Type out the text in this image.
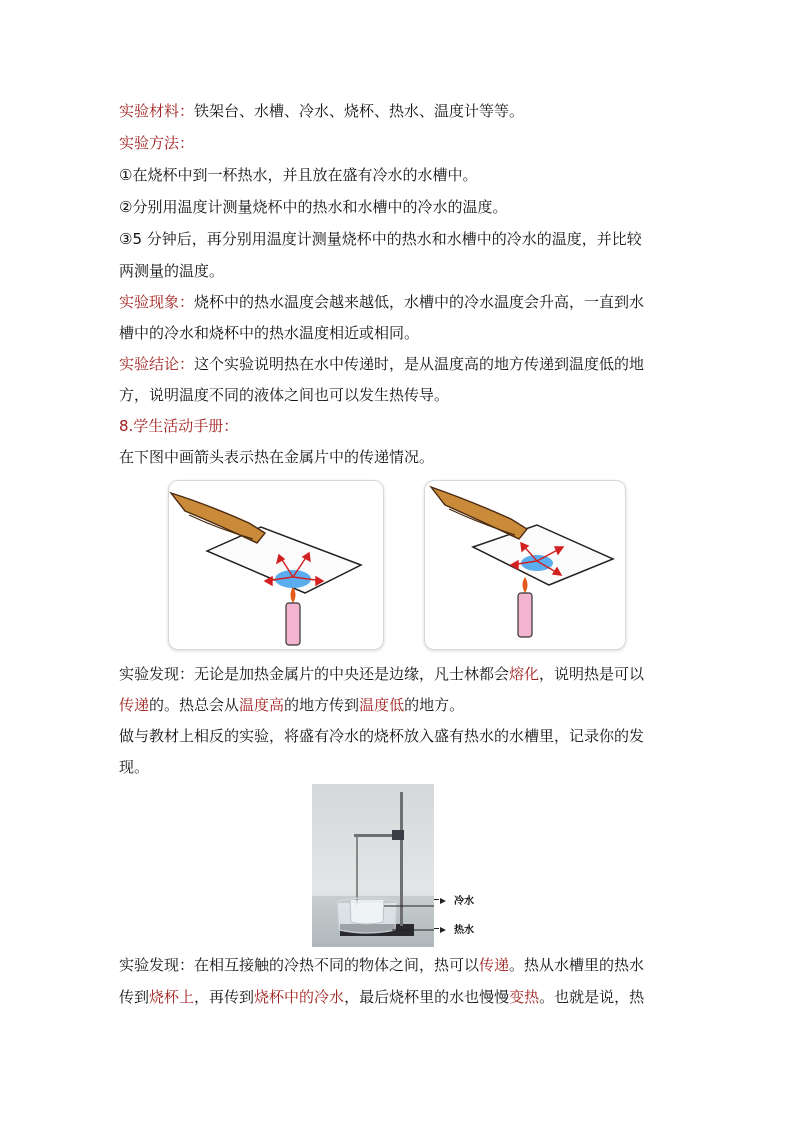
实验材料：铁架台、水槽、冷水、烧杯、热水、温度计等等。
实验方法：
①在烧杯中到一杯热水，并且放在盛有冷水的水槽中。
②分别用温度计测量烧杯中的热水和水槽中的冷水的温度。
③5 分钟后，再分别用温度计测量烧杯中的热水和水槽中的冷水的温度，并比较
两测量的温度。
实验现象：烧杯中的热水温度会越来越低，水槽中的冷水温度会升高，一直到水
槽中的冷水和烧杯中的热水温度相近或相同。
实验结论：这个实验说明热在水中传递时，是从温度高的地方传递到温度低的地
方，说明温度不同的液体之间也可以发生热传导。
8.学生活动手册：
在下图中画箭头表示热在金属片中的传递情况。
实验发现：无论是加热金属片的中央还是边缘，凡士林都会熔化，说明热是可以
传递的。热总会从温度高的地方传到温度低的地方。
做与教材上相反的实验，将盛有冷水的烧杯放入盛有热水的水槽里，记录你的发
现。
冷水
热水
实验发现：在相互接触的冷热不同的物体之间，热可以传递。热从水槽里的热水
传到烧杯上，再传到烧杯中的冷水，最后烧杯里的水也慢慢变热。也就是说，热
